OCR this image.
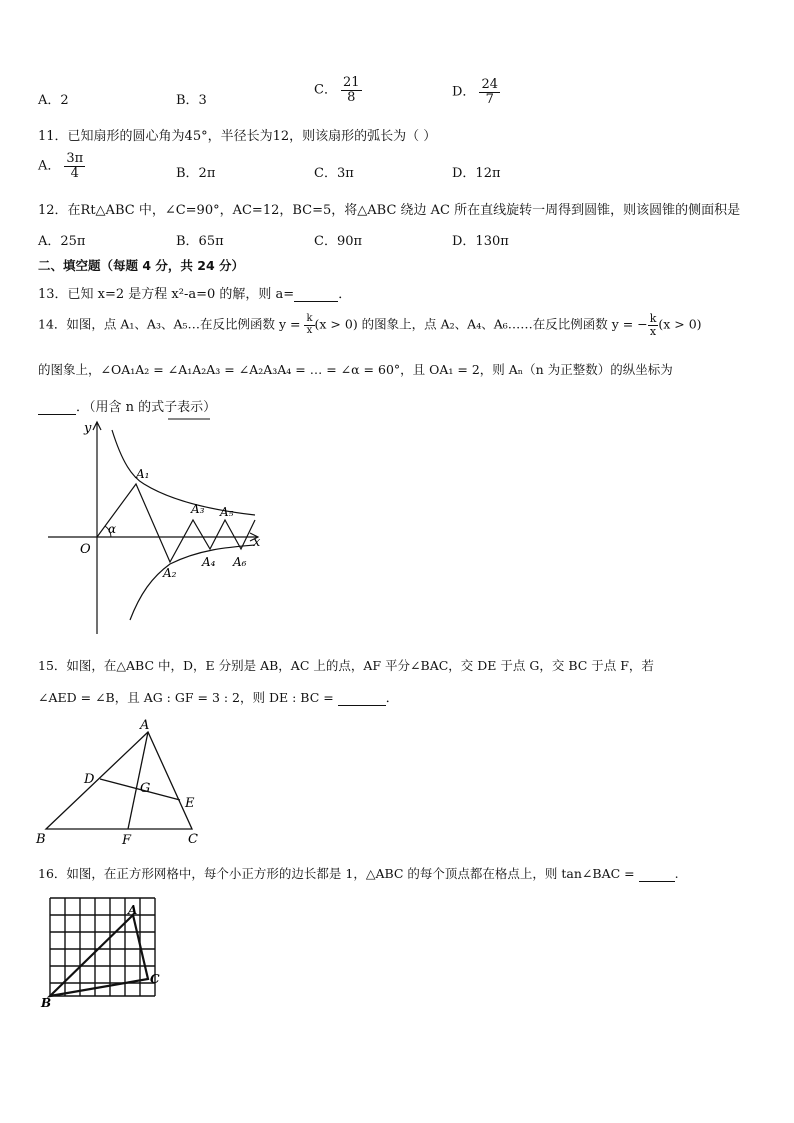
A．2	B．3
C． $\frac{21}{8}$	D． $\frac{24}{7}$
11．已知扇形的圆心角为45°，半径长为12，则该扇形的弧长为（ ）
A． $\frac{3\pi}{4}$	B．2π	C．3π	D．12π
12．在Rt△ABC 中，∠C=90°，AC=12，BC=5，将△ABC 绕边 AC 所在直线旋转一周得到圆锥，则该圆锥的侧面积是
A．25π	B．65π	C．90π	D．130π
二、填空题（每题 4 分，共 24 分）
13．已知 x=2 是方程 x²-a=0 的解，则 a=	．
14．如图，点 A₁、A₃、A₅…在反比例函数 $y = \frac{k}{x} (x > 0)$ 的图象上，点 A₂、A₄、A₆……在反比例函数 y = − $\frac{k}{x} (x > 0)$
的图象上，∠OA₁A₂ = ∠A₁A₂A₃ = ∠A₂A₃A₄ = … = ∠α = 60°，且 OA₁ = 2，则 Aₙ（n 为正整数）的纵坐标为
．（用含 n 的式子表示）
y
x
O
α
A₁
A₂
A₃
A₄
A₅
A₆
15．如图，在△ABC 中，D，E 分别是 AB，AC 上的点，AF 平分∠BAC，交 DE 于点 G，交 BC 于点 F，若
∠AED = ∠B，且 AG : GF = 3 : 2，则 DE : BC =	．
A
B	C
D
E
F
G
16．如图，在正方形网格中，每个小正方形的边长都是 1，△ABC 的每个顶点都在格点上，则 tan∠BAC =	.
A
B
C
